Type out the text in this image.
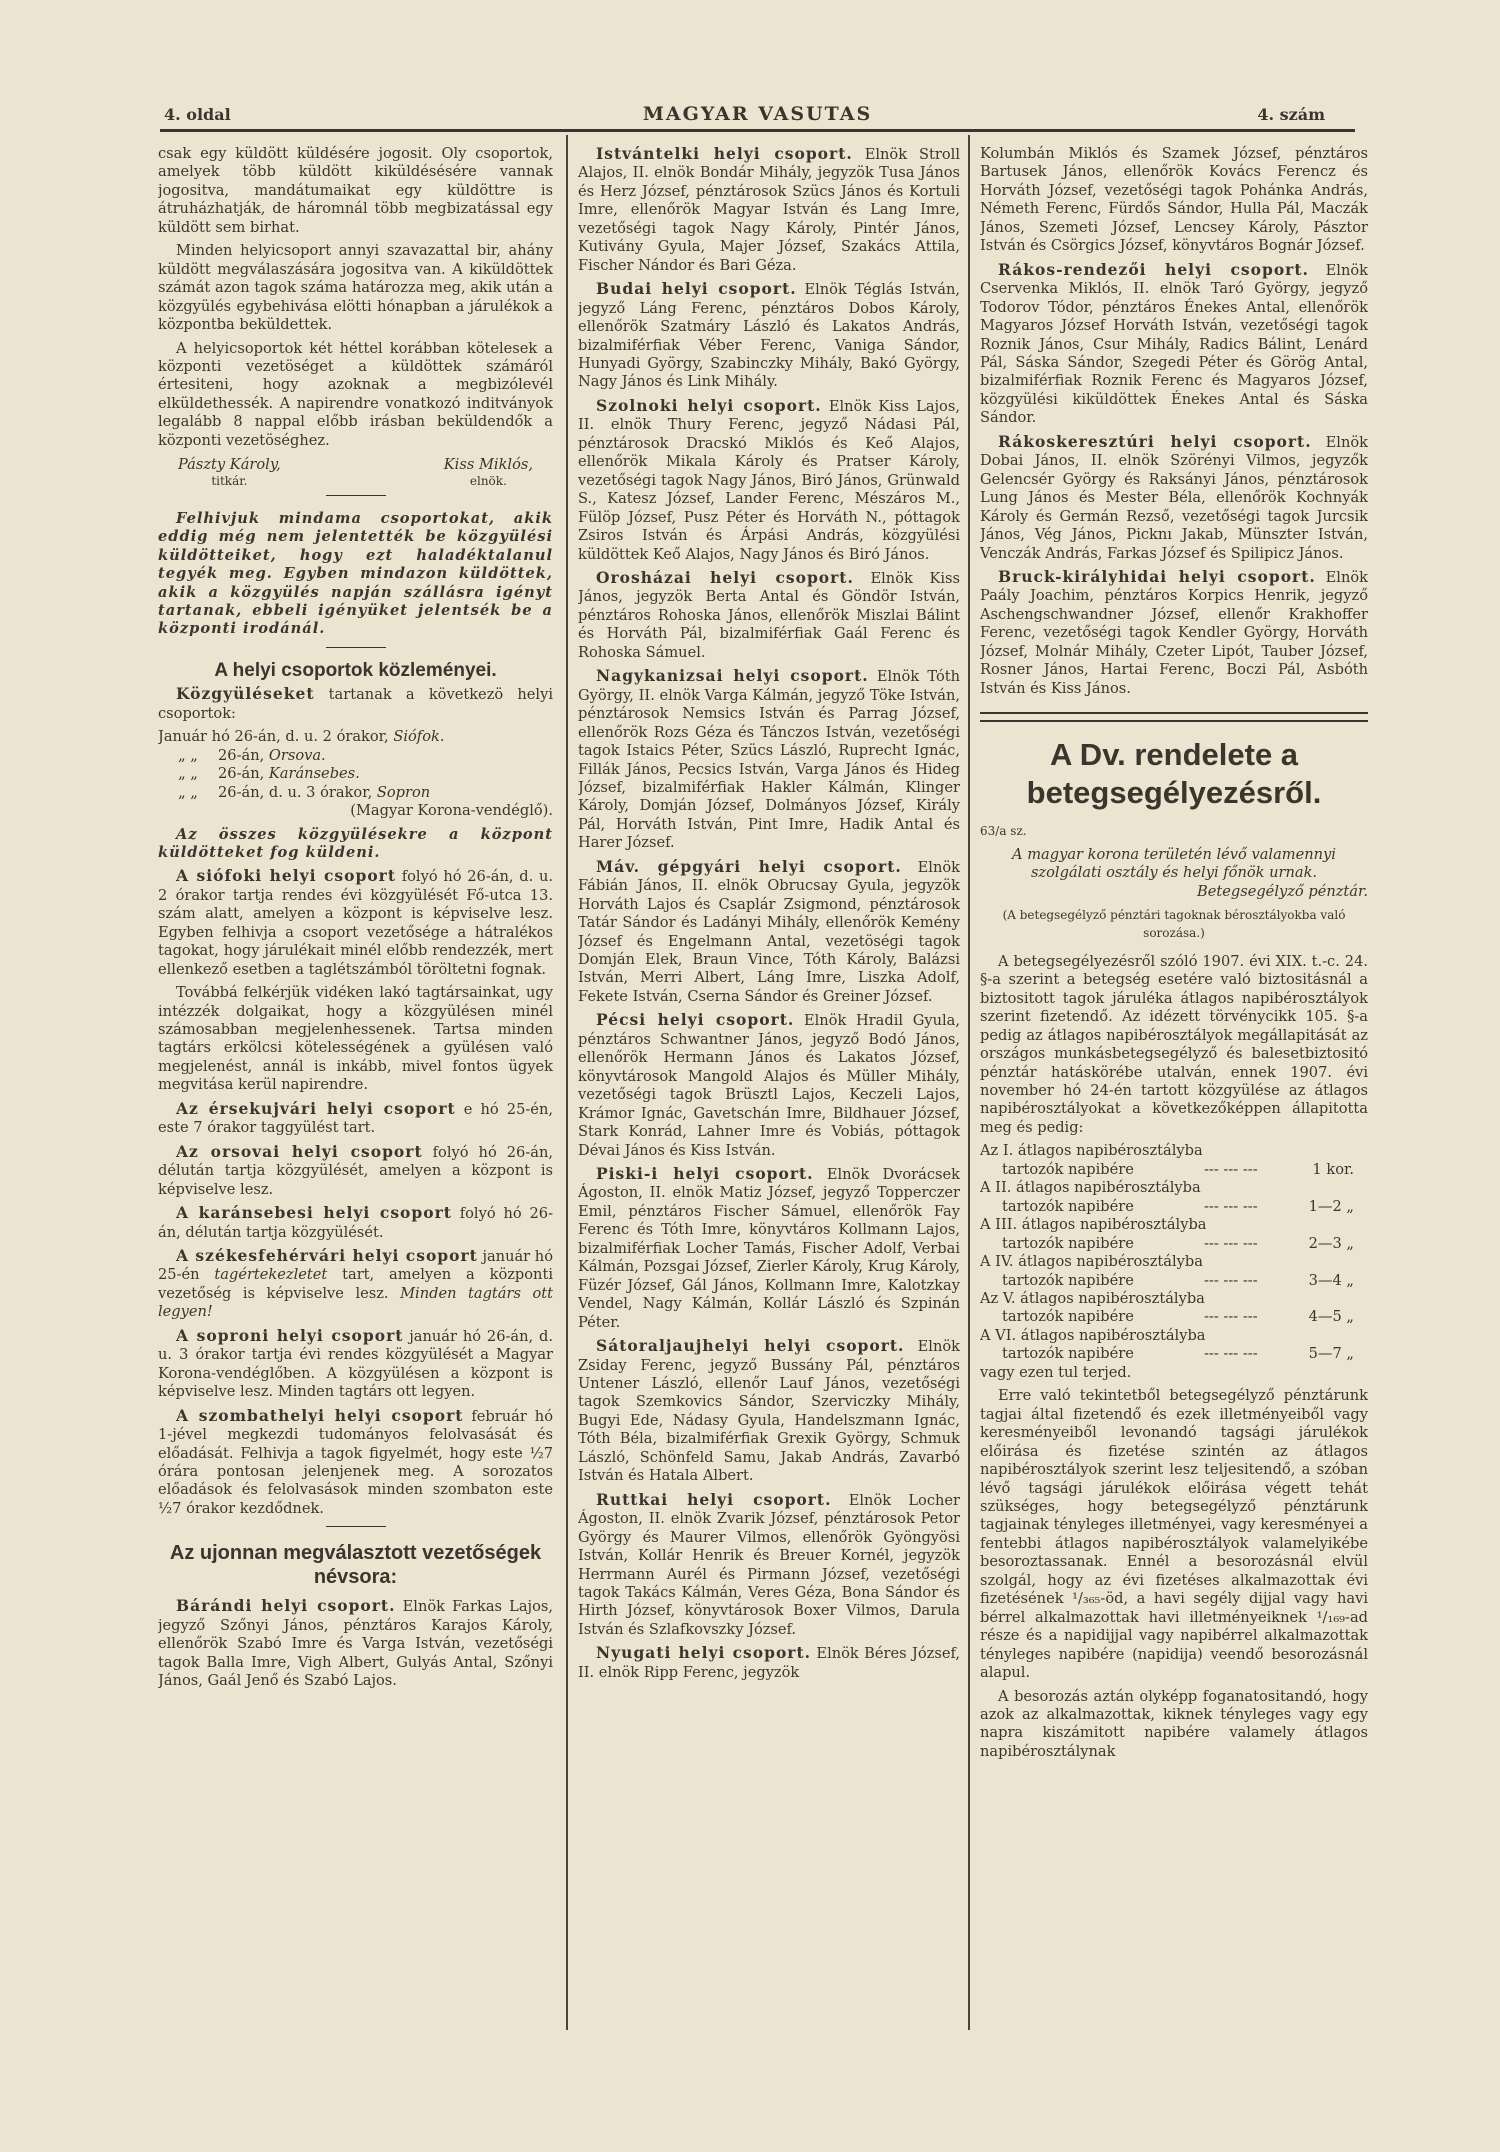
4. oldal	MAGYAR VASUTAS	4. szám

csak egy küldött küldésére jogosit. Oly csoportok, amelyek több küldött kiküldésésére vannak jogositva, mandátumaikat egy küldöttre is átruházhatják, de háromnál több megbizatással egy küldött sem birhat.

Minden helyicsoport annyi szavazattal bir, ahány küldött megválaszására jogositva van. A kiküldöttek számát azon tagok száma határozza meg, akik után a közgyülés egybehivása elötti hónapban a járulékok a központba beküldettek.

A helyicsoportok két héttel korábban kötelesek a központi vezetöséget a küldöttek számáról értesiteni, hogy azoknak a megbizólevél elküldethessék. A napirendre vonatkozó inditványok legalább 8 nappal előbb irásban beküldendők a központi vezetöséghez.

Pászty Károly,
titkár.
Kiss Miklós,
elnök.

Felhivjuk mindama csoportokat, akik eddig még nem jelentették be közgyülési küldötteiket, hogy ezt haladéktalanul tegyék meg. Egyben mindazon küldöttek, akik a közgyülés napján szállásra igényt tartanak, ebbeli igényüket jelentsék be a központi irodánál.

A helyi csoportok közleményei.

Közgyüléseket tartanak a következö helyi csoportok:

Január hó 26-án, d. u. 2 órakor, Siófok.

„ „ 26-án, Orsova.

„ „ 26-án, Karánsebes.

„ „ 26-án, d. u. 3 órakor, Sopron

(Magyar Korona-vendéglő).

Az összes közgyülésekre a központ küldötteket fog küldeni.

A siófoki helyi csoport folyó hó 26-án, d. u. 2 órakor tartja rendes évi közgyülését Fő-utca 13. szám alatt, amelyen a központ is képviselve lesz. Egyben felhivja a csoport vezetősége a hátralékos tagokat, hogy járulékait minél előbb rendezzék, mert ellenkező esetben a taglétszámból töröltetni fognak.

Továbbá felkérjük vidéken lakó tagtársainkat, ugy intézzék dolgaikat, hogy a közgyülésen minél számosabban megjelenhessenek. Tartsa minden tagtárs erkölcsi kötelességének a gyülésen való megjelenést, annál is inkább, mivel fontos ügyek megvitása kerül napirendre.

Az érsekujvári helyi csoport e hó 25-én, este 7 órakor taggyülést tart.

Az orsovai helyi csoport folyó hó 26-án, délután tartja közgyülését, amelyen a központ is képviselve lesz.

A karánsebesi helyi csoport folyó hó 26-án, délután tartja közgyülését.

A székesfehérvári helyi csoport január hó 25-én tagértekezletet tart, amelyen a központi vezetőség is képviselve lesz. Minden tagtárs ott legyen!

A soproni helyi csoport január hó 26-án, d. u. 3 órakor tartja évi rendes közgyülését a Magyar Korona-vendéglőben. A közgyülésen a központ is képviselve lesz. Minden tagtárs ott legyen.

A szombathelyi helyi csoport február hó 1-jével megkezdi tudományos felolvasását és előadását. Felhivja a tagok figyelmét, hogy este ½7 órára pontosan jelenjenek meg. A sorozatos előadások és felolvasások minden szombaton este ½7 órakor kezdődnek.

Az ujonnan megválasztott vezetőségek névsora:

Bárándi helyi csoport. Elnök Farkas Lajos, jegyző Szőnyi János, pénztáros Karajos Károly, ellenőrök Szabó Imre és Varga István, vezetőségi tagok Balla Imre, Vigh Albert, Gulyás Antal, Szőnyi János, Gaál Jenő és Szabó Lajos.

Istvántelki helyi csoport. Elnök Stroll Alajos, II. elnök Bondár Mihály, jegyzök Tusa János és Herz József, pénztárosok Szücs János és Kortuli Imre, ellenőrök Magyar István és Lang Imre, vezetőségi tagok Nagy Károly, Pintér János, Kutivány Gyula, Majer József, Szakács Attila, Fischer Nándor és Bari Géza.

Budai helyi csoport. Elnök Téglás István, jegyző Láng Ferenc, pénztáros Dobos Károly, ellenőrök Szatmáry László és Lakatos András, bizalmiférfiak Véber Ferenc, Vaniga Sándor, Hunyadi György, Szabinczky Mihály, Bakó György, Nagy János és Link Mihály.

Szolnoki helyi csoport. Elnök Kiss Lajos, II. elnök Thury Ferenc, jegyző Nádasi Pál, pénztárosok Dracskó Miklós és Keő Alajos, ellenőrök Mikala Károly és Pratser Károly, vezetőségi tagok Nagy János, Biró János, Grünwald S., Katesz József, Lander Ferenc, Mészáros M., Fülöp József, Pusz Péter és Horváth N., póttagok Zsiros István és Árpási András, közgyülési küldöttek Keő Alajos, Nagy János és Biró János.

Orosházai helyi csoport. Elnök Kiss János, jegyzök Berta Antal és Göndör István, pénztáros Rohoska János, ellenőrök Miszlai Bálint és Horváth Pál, bizalmiférfiak Gaál Ferenc és Rohoska Sámuel.

Nagykanizsai helyi csoport. Elnök Tóth György, II. elnök Varga Kálmán, jegyző Töke István, pénztárosok Nemsics István és Parrag József, ellenőrök Rozs Géza és Tánczos István, vezetőségi tagok Istaics Péter, Szücs László, Ruprecht Ignác, Fillák János, Pecsics István, Varga János és Hideg József, bizalmiférfiak Hakler Kálmán, Klinger Károly, Domján József, Dolmányos József, Király Pál, Horváth István, Pint Imre, Hadik Antal és Harer József.

Máv. gépgyári helyi csoport. Elnök Fábián János, II. elnök Obrucsay Gyula, jegyzök Horváth Lajos és Csaplár Zsigmond, pénztárosok Tatár Sándor és Ladányi Mihály, ellenőrök Kemény József és Engelmann Antal, vezetöségi tagok Domján Elek, Braun Vince, Tóth Károly, Balázsi István, Merri Albert, Láng Imre, Liszka Adolf, Fekete István, Cserna Sándor és Greiner József.

Pécsi helyi csoport. Elnök Hradil Gyula, pénztáros Schwantner János, jegyző Bodó János, ellenőrök Hermann János és Lakatos József, könyvtárosok Mangold Alajos és Müller Mihály, vezetőségi tagok Brüsztl Lajos, Keczeli Lajos, Krámor Ignác, Gavetschán Imre, Bildhauer József, Stark Konrád, Lahner Imre és Vobiás, póttagok Dévai János és Kiss István.

Piski-i helyi csoport. Elnök Dvorácsek Ágoston, II. elnök Matiz József, jegyző Topperczer Emil, pénztáros Fischer Sámuel, ellenőrök Fay Ferenc és Tóth Imre, könyvtáros Kollmann Lajos, bizalmiférfiak Locher Tamás, Fischer Adolf, Verbai Kálmán, Pozsgai József, Zierler Károly, Krug Károly, Füzér József, Gál János, Kollmann Imre, Kalotzkay Vendel, Nagy Kálmán, Kollár László és Szpinán Péter.

Sátoraljaujhelyi helyi csoport. Elnök Zsiday Ferenc, jegyző Bussány Pál, pénztáros Untener László, ellenőr Lauf János, vezetőségi tagok Szemkovics Sándor, Szerviczky Mihály, Bugyi Ede, Nádasy Gyula, Handelszmann Ignác, Tóth Béla, bizalmiférfiak Grexik György, Schmuk László, Schönfeld Samu, Jakab András, Zavarbó István és Hatala Albert.

Ruttkai helyi csoport. Elnök Locher Ágoston, II. elnök Zvarik József, pénztárosok Petor György és Maurer Vilmos, ellenőrök Gyöngyösi István, Kollár Henrik és Breuer Kornél, jegyzök Herrmann Aurél és Pirmann József, vezetőségi tagok Takács Kálmán, Veres Géza, Bona Sándor és Hirth József, könyvtárosok Boxer Vilmos, Darula István és Szlafkovszky József.

Nyugati helyi csoport. Elnök Béres József, II. elnök Ripp Ferenc, jegyzök

Kolumbán Miklós és Szamek József, pénztáros Bartusek János, ellenőrök Kovács Ferencz és Horváth József, vezetőségi tagok Pohánka András, Németh Ferenc, Fürdős Sándor, Hulla Pál, Maczák János, Szemeti József, Lencsey Károly, Pásztor István és Csörgics József, könyvtáros Bognár József.

Rákos-rendezői helyi csoport. Elnök Cservenka Miklós, II. elnök Taró György, jegyző Todorov Tódor, pénztáros Énekes Antal, ellenőrök Magyaros József Horváth István, vezetőségi tagok Roznik János, Csur Mihály, Radics Bálint, Lenárd Pál, Sáska Sándor, Szegedi Péter és Görög Antal, bizalmiférfiak Roznik Ferenc és Magyaros József, közgyülési kiküldöttek Énekes Antal és Sáska Sándor.

Rákoskeresztúri helyi csoport. Elnök Dobai János, II. elnök Szörényi Vilmos, jegyzők Gelencsér György és Raksányi János, pénztárosok Lung János és Mester Béla, ellenőrök Kochnyák Károly és Germán Rezső, vezetőségi tagok Jurcsik János, Vég János, Picknı Jakab, Münszter István, Venczák András, Farkas József és Spilipicz János.

Bruck-királyhidai helyi csoport. Elnök Paály Joachim, pénztáros Korpics Henrik, jegyző Aschengschwandner József, ellenőr Krakhoffer Ferenc, vezetőségi tagok Kendler György, Horváth József, Molnár Mihály, Czeter Lipót, Tauber József, Rosner János, Hartai Ferenc, Boczi Pál, Asbóth István és Kiss János.

A Dv. rendelete a betegsegélyezésről.

63/a sz.

A magyar korona területén lévő valamennyi szolgálati osztály és helyi főnök urnak.

Betegsegélyző pénztár.

(A betegsegélyző pénztári tagoknak bérosztályokba való sorozása.)

A betegsegélyezésről szóló 1907. évi XIX. t.-c. 24. §-a szerint a betegség esetére való biztositásnál a biztositott tagok járuléka átlagos napibérosztályok szerint fizetendő. Az idézett törvénycikk 105. §-a pedig az átlagos napibérosztályok megállapitását az országos munkásbetegsegélyző és balesetbiztositó pénztár hatáskörébe utalván, ennek 1907. évi november hó 24-én tartott közgyülése az átlagos napibérosztályokat a következőképpen állapitotta meg és pedig:

Az I. átlagos napibérosztályba

tartozók napibére	--- --- ---	1 kor.

A II. átlagos napibérosztályba

tartozók napibére	--- --- ---	1—2 „

A III. átlagos napibérosztályba

tartozók napibére	--- --- ---	2—3 „

A IV. átlagos napibérosztályba

tartozók napibére	--- --- ---	3—4 „

Az V. átlagos napibérosztályba

tartozók napibére	--- --- ---	4—5 „

A VI. átlagos napibérosztályba

tartozók napibére	--- --- ---	5—7 „

vagy ezen tul terjed.

Erre való tekintetből betegsegélyző pénztárunk tagjai által fizetendő és ezek illetményeiből vagy keresményeiből levonandó tagsági járulékok előirása és fizetése szintén az átlagos napibérosztályok szerint lesz teljesitendő, a szóban lévő tagsági járulékok előirása végett tehát szükséges, hogy betegsegélyző pénztárunk tagjainak tényleges illetményei, vagy keresményei a fentebbi átlagos napibérosztályok valamelyikébe besoroztassanak. Ennél a besorozásnál elvül szolgál, hogy az évi fizetéses alkalmazottak évi fizetésének ¹/₃₆₅-öd, a havi segély dijjal vagy havi bérrel alkalmazottak havi illetményeiknek ¹/₁₆₉-ad része és a napidijjal vagy napibérrel alkalmazottak tényleges napibére (napidija) veendő besorozásnál alapul.

A besorozás aztán olyképp foganatositandó, hogy azok az alkalmazottak, kiknek tényleges vagy egy napra kiszámitott napibére valamely átlagos napibérosztálynak
